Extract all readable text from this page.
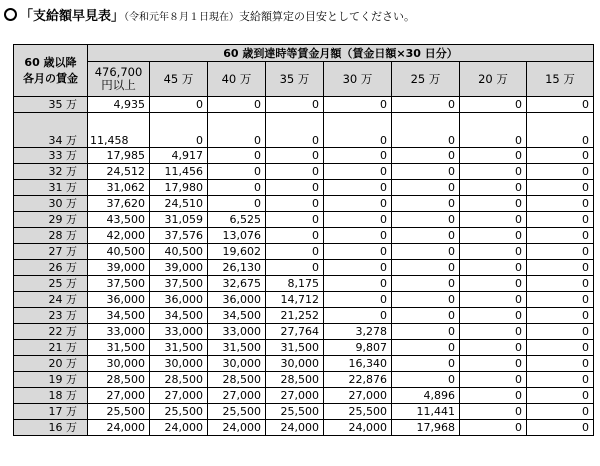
「支給額早見表」（令和元年８月１日現在）支給額算定の目安としてください。
60 歳以降
各月の賃金	60 歳到達時等賃金月額（賃金日額×30 日分）							
	476,700
円以上	45 万	40 万	35 万	30 万	25 万	20 万	15 万
35 万	4,935	0	0	0	0	0	0	0
34 万	11,458	0	0	0	0	0	0	0
33 万	17,985	4,917	0	0	0	0	0	0
32 万	24,512	11,456	0	0	0	0	0	0
31 万	31,062	17,980	0	0	0	0	0	0
30 万	37,620	24,510	0	0	0	0	0	0
29 万	43,500	31,059	6,525	0	0	0	0	0
28 万	42,000	37,576	13,076	0	0	0	0	0
27 万	40,500	40,500	19,602	0	0	0	0	0
26 万	39,000	39,000	26,130	0	0	0	0	0
25 万	37,500	37,500	32,675	8,175	0	0	0	0
24 万	36,000	36,000	36,000	14,712	0	0	0	0
23 万	34,500	34,500	34,500	21,252	0	0	0	0
22 万	33,000	33,000	33,000	27,764	3,278	0	0	0
21 万	31,500	31,500	31,500	31,500	9,807	0	0	0
20 万	30,000	30,000	30,000	30,000	16,340	0	0	0
19 万	28,500	28,500	28,500	28,500	22,876	0	0	0
18 万	27,000	27,000	27,000	27,000	27,000	4,896	0	0
17 万	25,500	25,500	25,500	25,500	25,500	11,441	0	0
16 万	24,000	24,000	24,000	24,000	24,000	17,968	0	0
